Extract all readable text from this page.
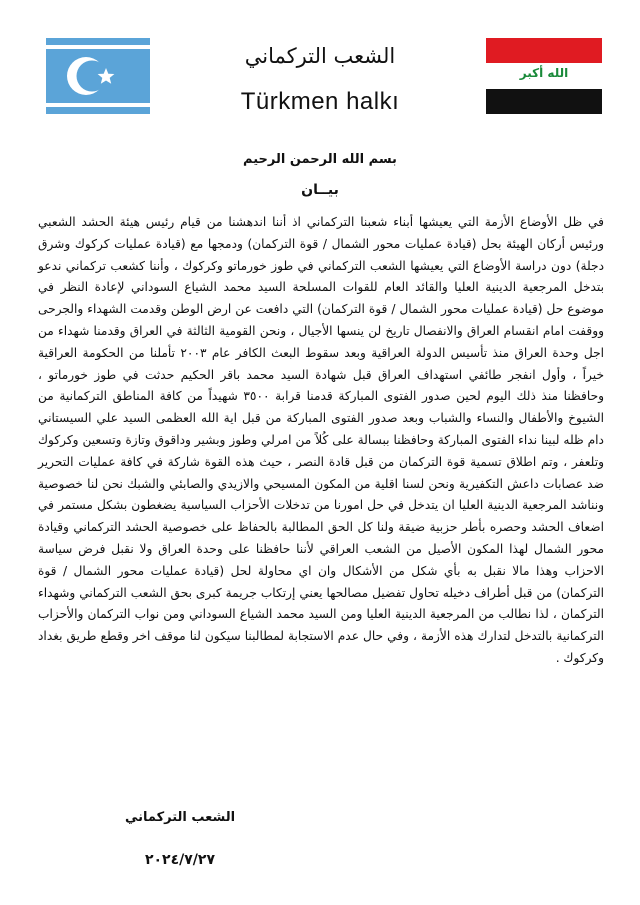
الشعب التركماني
Türkmen halkı
الله أكبر
بسم الله الرحمن الرحيم
بيــان

في ظل الأوضاع الأزمة التي يعيشها أبناء شعبنا التركماني اذ أننا اندهشنا من قيام رئيس هيئة الحشد الشعبي ورئيس أركان الهيئة بحل (قيادة عمليات محور الشمال / قوة التركمان) ودمجها مع (قيادة عمليات كركوك وشرق دجلة) دون دراسة الأوضاع التي يعيشها الشعب التركماني في طوز خورماتو وكركوك ، وأننا كشعب تركماني ندعو بتدخل المرجعية الدينية العليا والقائد العام للقوات المسلحة السيد محمد الشياع السوداني لإعادة النظر في موضوع حل (قيادة عمليات محور الشمال / قوة التركمان) التي دافعت عن ارض الوطن وقدمت الشهداء والجرحى ووقفت امام انقسام العراق والانفصال تاريخ لن ينسها الأجيال ، ونحن القومية الثالثة في العراق وقدمنا شهداء من اجل وحدة العراق منذ تأسيس الدولة العراقية وبعد سقوط البعث الكافر عام ٢٠٠٣ تأملنا من الحكومة العراقية خيراً ، وأول انفجر طائفي استهداف العراق قبل شهادة السيد محمد باقر الحكيم حدثت في طوز خورماتو ، وحافظنا منذ ذلك اليوم لحين صدور الفتوى المباركة قدمنا قرابة ٣٥٠٠ شهيداً من كافة المناطق التركمانية من الشيوخ والأطفال والنساء والشباب وبعد صدور الفتوى المباركة من قبل اية الله العظمى السيد علي السيستاني دام ظله لبينا نداء الفتوى المباركة وحافظنا ببسالة على كُلاً من امرلي وطوز وبشير وداقوق وتازة وتسعين وكركوك وتلعفر ، وتم اطلاق تسمية قوة التركمان من قبل قادة النصر ، حيث هذه القوة شاركة في كافة عمليات التحرير ضد عصابات داعش التكفيرية ونحن لسنا اقلية من المكون المسيحي والازيدي والصابئي والشبك نحن لنا خصوصية ونناشد المرجعية الدينية العليا ان يتدخل في حل امورنا من تدخلات الأحزاب السياسية يضغطون بشكل مستمر في اضعاف الحشد وحصره بأطر حزبية ضيقة ولنا كل الحق المطالبة بالحفاظ على خصوصية الحشد التركماني وقيادة محور الشمال لهذا المكون الأصيل من الشعب العراقي لأننا حافظنا على وحدة العراق ولا نقبل فرض سياسة الاحزاب وهذا مالا نقبل به بأي شكل من الأشكال وان اي محاولة لحل (قيادة عمليات محور الشمال / قوة التركمان) من قبل أطراف دخيله تحاول تفضيل مصالحها يعني إرتكاب جريمة كبرى بحق الشعب التركماني وشهداء التركمان ، لذا نطالب من المرجعية الدينية العليا ومن السيد محمد الشياع السوداني ومن نواب التركمان والأحزاب التركمانية بالتدخل لتدارك هذه الأزمة ، وفي حال عدم الاستجابة لمطالبنا سيكون لنا موقف اخر وقطع طريق بغداد وكركوك .

الشعب التركماني
٢٠٢٤/٧/٢٧
